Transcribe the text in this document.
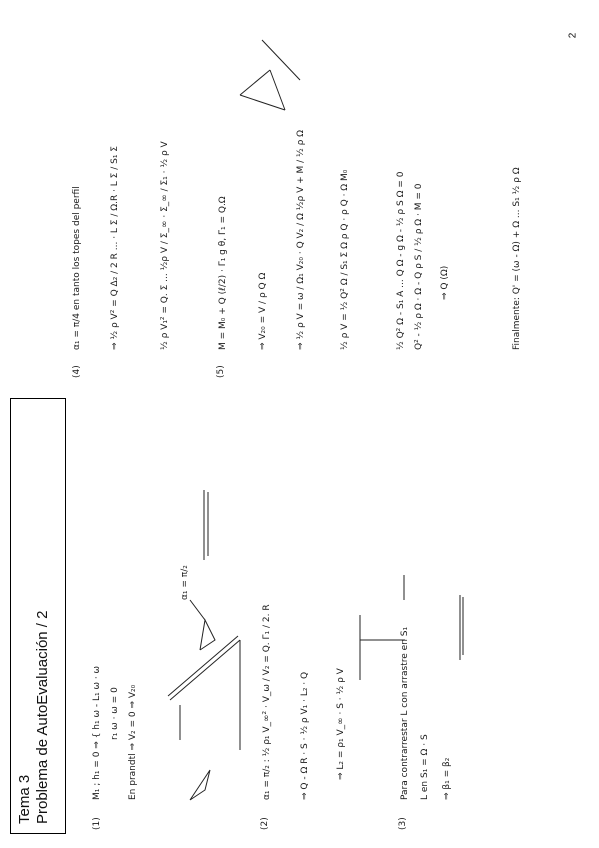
Tema 3 Problema de AutoEvaluación / 2
2
(1)
M₁ ; h₁ = 0 ⇒ { h₁ ω - L₁ ω · ω r₁ ω · ω = 0 En prandtl ⇒ V₂ = 0 ⇒ V₂₀
α₁ = π/₂
(2)
α₁ = π/₂ : ½ ρ₁ V_∞² · V_ω / V₂ = Q. Γ₁ / 2. R	⇒ Q - Ω R · S · ½ ρ V₁ · L₂ · Q	⇒ L₂ = ρ₁ V_∞ · S · ½ ρ V
(3)
Para contrarrestar L con arrastre en S₁ L en S₁ = Ω · S ⇒ β₁ = β₂
(4)
α₁ = π/4 en tanto los topes del perfil	⇒ ½ ρ V² = Q Δ₂ / 2 R ... · L Σ / Ω.R · L Σ / S₁ Σ	½ ρ V₁² = Q. Σ ... ½ρ V / Σ_∞ · Σ_∞ / Σ₁ · ½ ρ V
(5)
M = M₀ + Q (ℓ/2) · Γ₁ g θ, Γ₁ = Q.Ω	⇒ V₂₀ = V / ρ Q Ω	⇒ ½ ρ V = ω / Ω₁ V₂₀ · Q V₂ / Ω ½ρ V + M / ½ ρ Ω	½ ρ V = ½ Q² Ω / S₁ Σ Ω ρ Q · ρ Q · Ω M₀	½ Q² Ω - S₁ A ... Q Ω - g Ω - ½ ρ S Ω = 0 Q² - ½ ρ Ω · Ω - Q ρ S / ½ ρ Ω · M = 0 ⇒ Q (Ω)	Finalmente: Q' = (ω - Ω) + Ω ... S₁ ½ ρ Ω
